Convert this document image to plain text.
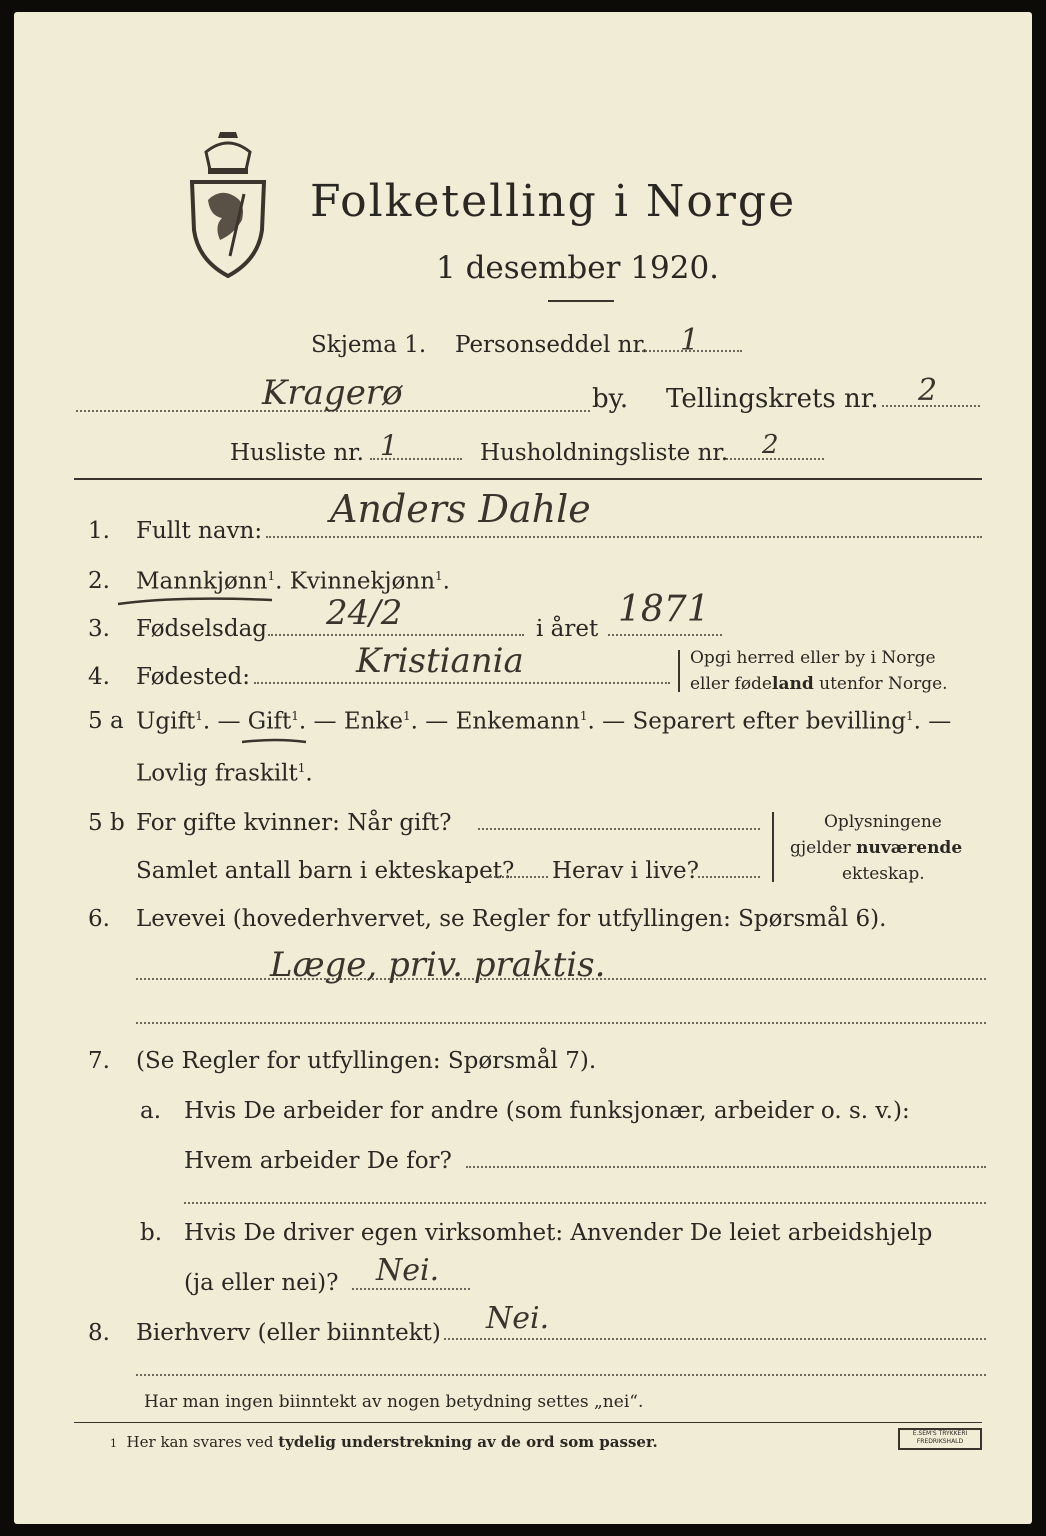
Folketelling i Norge
1 desember 1920.
Skjema 1. Personseddel nr. 1
Kragerø	by. Tellingskrets nr. 2
Husliste nr. 1	Husholdningsliste nr. 2
1. Fullt navn: Anders Dahle
2. Mannkjønn$^1$. Kvinnekjønn$^1$.
3. Fødselsdag 24/2	i året 1871
4. Fødested:	Kristiania	Opgi herred eller by i Norge
eller fødeland utenfor Norge.
5 a Ugift$^1$. — Gift$^1$. — Enke$^1$. — Enkemann$^1$. — Separert efter bevilling$^1$. —
Lovlig fraskilt$^1$.
5 b For gifte kvinner: Når gift?
Samlet antall barn i ekteskapet? Herav i live?
Oplysningene
gjelder nuværende
ekteskap.
6. Levevei (hovederhvervet, se Regler for utfyllingen: Spørsmål 6).
Læge, priv. praktis.
7. (Se Regler for utfyllingen: Spørsmål 7).
a. Hvis De arbeider for andre (som funksjonær, arbeider o. s. v.):
Hvem arbeider De for?
b. Hvis De driver egen virksomhet: Anvender De leiet arbeidshjelp
(ja eller nei)? Nei.
8. Bierhverv (eller biinntekt) Nei.
Har man ingen biinntekt av nogen betydning settes „nei“.
1 Her kan svares ved tydelig understrekning av de ord som passer.	E.SEM'S TRYKKERI FREDRIKSHALD
